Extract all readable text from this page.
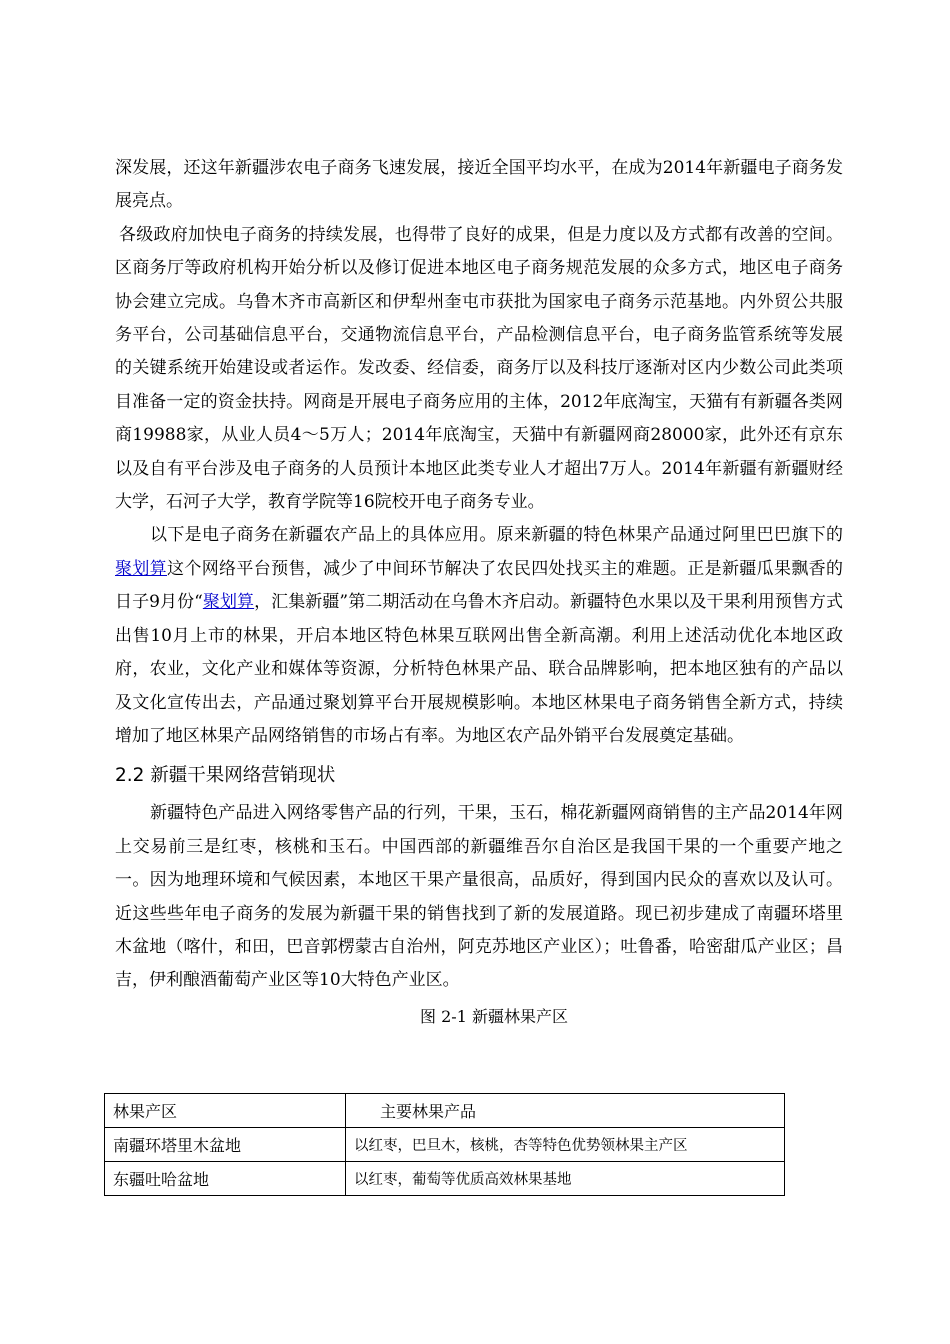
深发展，还这年新疆涉农电子商务飞速发展，接近全国平均水平，在成为2014年新疆电子商务发展亮点。

各级政府加快电子商务的持续发展，也得带了良好的成果，但是力度以及方式都有改善的空间。区商务厅等政府机构开始分析以及修订促进本地区电子商务规范发展的众多方式，地区电子商务协会建立完成。乌鲁木齐市高新区和伊犁州奎屯市获批为国家电子商务示范基地。内外贸公共服务平台，公司基础信息平台，交通物流信息平台，产品检测信息平台，电子商务监管系统等发展的关键系统开始建设或者运作。发改委、经信委，商务厅以及科技厅逐渐对区内少数公司此类项目准备一定的资金扶持。网商是开展电子商务应用的主体，2012年底淘宝，天猫有有新疆各类网商19988家，从业人员4～5万人；2014年底淘宝，天猫中有新疆网商28000家，此外还有京东以及自有平台涉及电子商务的人员预计本地区此类专业人才超出7万人。2014年新疆有新疆财经大学，石河子大学，教育学院等16院校开电子商务专业。

以下是电子商务在新疆农产品上的具体应用。原来新疆的特色林果产品通过阿里巴巴旗下的聚划算这个网络平台预售，减少了中间环节解决了农民四处找买主的难题。正是新疆瓜果飘香的日子9月份“聚划算，汇集新疆”第二期活动在乌鲁木齐启动。新疆特色水果以及干果利用预售方式出售10月上市的林果，开启本地区特色林果互联网出售全新高潮。利用上述活动优化本地区政府，农业，文化产业和媒体等资源，分析特色林果产品、联合品牌影响，把本地区独有的产品以及文化宣传出去，产品通过聚划算平台开展规模影响。本地区林果电子商务销售全新方式，持续增加了地区林果产品网络销售的市场占有率。为地区农产品外销平台发展奠定基础。

2.2 新疆干果网络营销现状

新疆特色产品进入网络零售产品的行列，干果，玉石，棉花新疆网商销售的主产品2014年网上交易前三是红枣，核桃和玉石。中国西部的新疆维吾尔自治区是我国干果的一个重要产地之一。因为地理环境和气候因素，本地区干果产量很高，品质好，得到国内民众的喜欢以及认可。近这些些年电子商务的发展为新疆干果的销售找到了新的发展道路。现已初步建成了南疆环塔里木盆地（喀什，和田，巴音郭楞蒙古自治州，阿克苏地区产业区）；吐鲁番，哈密甜瓜产业区；昌吉，伊利酿酒葡萄产业区等10大特色产业区。

图 2-1 新疆林果产区

林果产区	主要林果产品
南疆环塔里木盆地	以红枣，巴旦木，核桃，杏等特色优势领林果主产区
东疆吐哈盆地	以红枣，葡萄等优质高效林果基地
